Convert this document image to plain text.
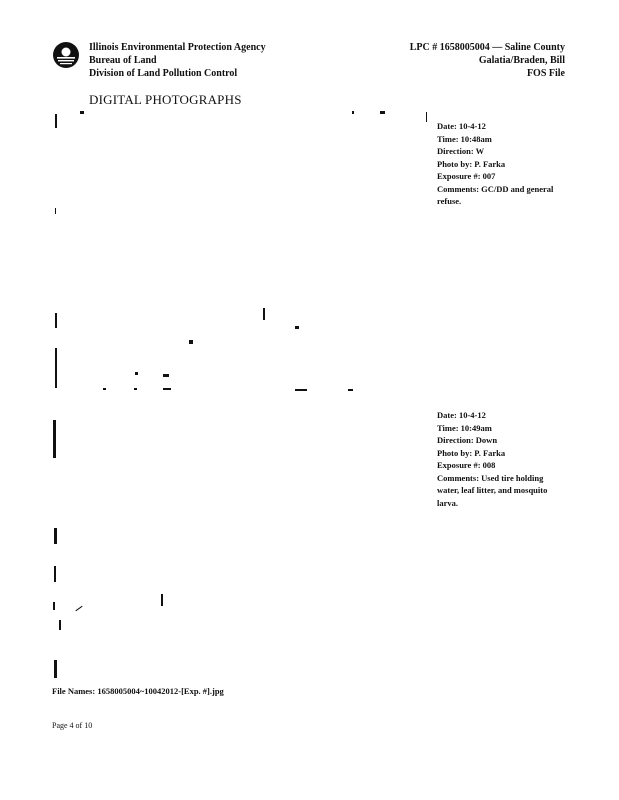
Illinois Environmental Protection Agency
Bureau of Land
Division of Land Pollution Control
LPC # 1658005004 — Saline County
Galatia/Braden, Bill
FOS File
DIGITAL PHOTOGRAPHS
Date: 10-4-12
Time: 10:48am
Direction: W
Photo by: P. Farka
Exposure #: 007
Comments: GC/DD and general refuse.
Date: 10-4-12
Time: 10:49am
Direction: Down
Photo by: P. Farka
Exposure #: 008
Comments: Used tire holding water, leaf litter, and mosquito larva.
File Names: 1658005004~10042012-[Exp. #].jpg
Page 4 of 10
